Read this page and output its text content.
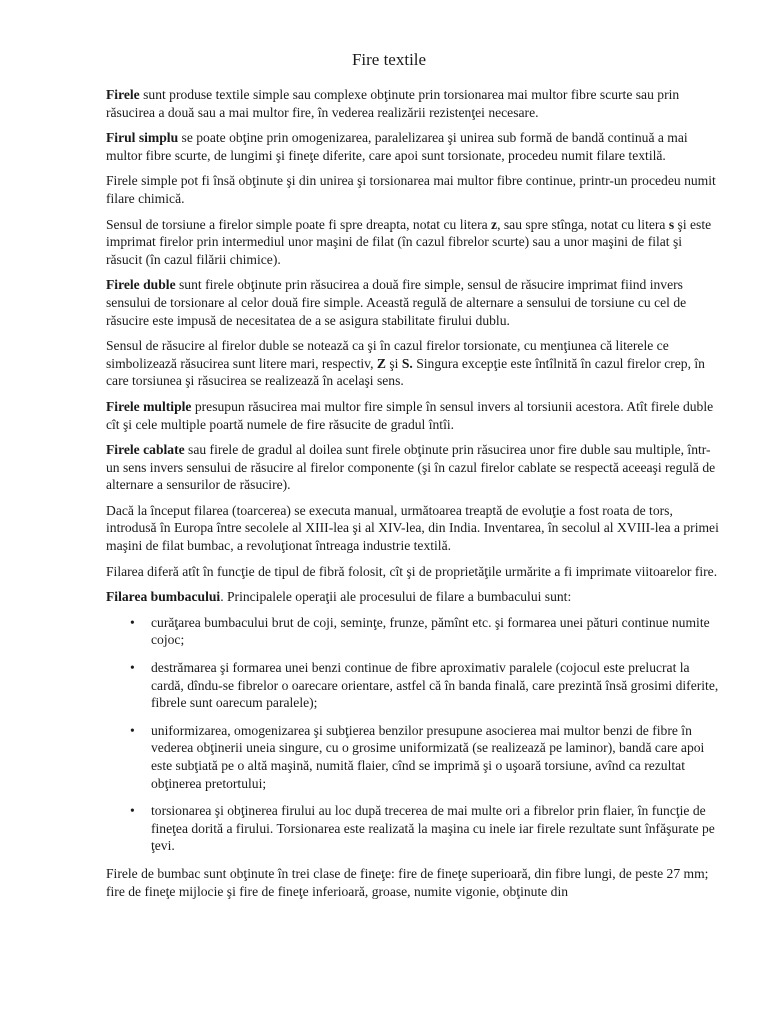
Fire textile

Firele sunt produse textile simple sau complexe obţinute prin torsionarea mai multor fibre scurte sau prin răsucirea a două sau a mai multor fire, în vederea realizării rezistenţei necesare.

Firul simplu se poate obţine prin omogenizarea, paralelizarea şi unirea sub formă de bandă continuă a mai multor fibre scurte, de lungimi şi fineţe diferite, care apoi sunt torsionate, procedeu numit filare textilă.

Firele simple pot fi însă obţinute şi din unirea şi torsionarea mai multor fibre continue, printr-un procedeu numit filare chimică.

Sensul de torsiune a firelor simple poate fi spre dreapta, notat cu litera z, sau spre stînga, notat cu litera s şi este imprimat firelor prin intermediul unor maşini de filat (în cazul fibrelor scurte) sau a unor maşini de filat şi răsucit (în cazul filării chimice).

Firele duble sunt firele obţinute prin răsucirea a două fire simple, sensul de răsucire imprimat fiind invers sensului de torsionare al celor două fire simple. Această regulă de alternare a sensului de torsiune cu cel de răsucire este impusă de necesitatea de a se asigura stabilitate firului dublu.

Sensul de răsucire al firelor duble se notează ca şi în cazul firelor torsionate, cu menţiunea că literele ce simbolizează răsucirea sunt litere mari, respectiv, Z şi S. Singura excepţie este întîlnită în cazul firelor crep, în care torsiunea şi răsucirea se realizează în acelaşi sens.

Firele multiple presupun răsucirea mai multor fire simple în sensul invers al torsiunii acestora. Atît firele duble cît şi cele multiple poartă numele de fire răsucite de gradul întîi.

Firele cablate sau firele de gradul al doilea sunt firele obţinute prin răsucirea unor fire duble sau multiple, într-un sens invers sensului de răsucire al firelor componente (şi în cazul firelor cablate se respectă aceeaşi regulă de alternare a sensurilor de răsucire).

Dacă la început filarea (toarcerea) se executa manual, următoarea treaptă de evoluţie a fost roata de tors, introdusă în Europa între secolele al XIII-lea şi al XIV-lea, din India. Inventarea, în secolul al XVIII-lea a primei maşini de filat bumbac, a revoluţionat întreaga industrie textilă.

Filarea diferă atît în funcţie de tipul de fibră folosit, cît şi de proprietăţile urmărite a fi imprimate viitoarelor fire.

Filarea bumbacului. Principalele operaţii ale procesului de filare a bumbacului sunt:

• curăţarea bumbacului brut de coji, seminţe, frunze, pămînt etc. şi formarea unei pături continue numite cojoc;
• destrămarea şi formarea unei benzi continue de fibre aproximativ paralele (cojocul este prelucrat la cardă, dîndu-se fibrelor o oarecare orientare, astfel că în banda finală, care prezintă însă grosimi diferite, fibrele sunt oarecum paralele);
• uniformizarea, omogenizarea şi subţierea benzilor presupune asocierea mai multor benzi de fibre în vederea obţinerii uneia singure, cu o grosime uniformizată (se realizează pe laminor), bandă care apoi este subţiată pe o altă maşină, numită flaier, cînd se imprimă şi o uşoară torsiune, avînd ca rezultat obţinerea pretortului;
• torsionarea şi obţinerea firului au loc după trecerea de mai multe ori a fibrelor prin flaier, în funcţie de fineţea dorită a firului. Torsionarea este realizată la maşina cu inele iar firele rezultate sunt înfăşurate pe ţevi.

Firele de bumbac sunt obţinute în trei clase de fineţe: fire de fineţe superioară, din fibre lungi, de peste 27 mm; fire de fineţe mijlocie şi fire de fineţe inferioară, groase, numite vigonie, obţinute din
